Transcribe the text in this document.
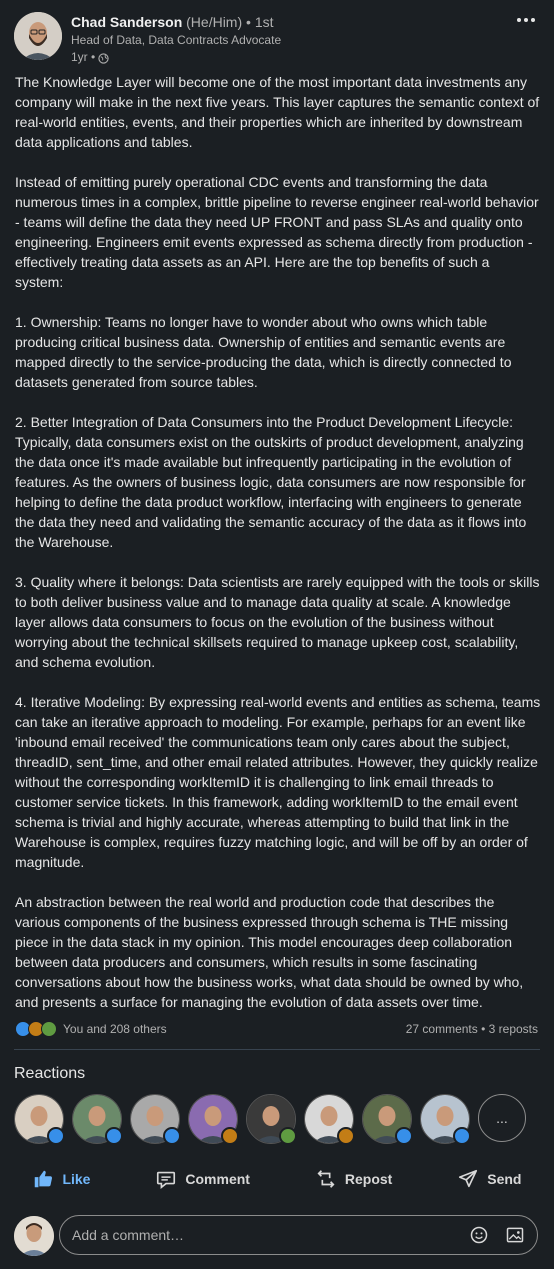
Chad Sanderson (He/Him) • 1st
Head of Data, Data Contracts Advocate
1yr •

The Knowledge Layer will become one of the most important data investments any company will make in the next five years. This layer captures the semantic context of real-world entities, events, and their properties which are inherited by downstream data applications and tables.

Instead of emitting purely operational CDC events and transforming the data numerous times in a complex, brittle pipeline to reverse engineer real-world behavior - teams will define the data they need UP FRONT and pass SLAs and quality onto engineering. Engineers emit events expressed as schema directly from production - effectively treating data assets as an API. Here are the top benefits of such a system:

1. Ownership: Teams no longer have to wonder about who owns which table producing critical business data. Ownership of entities and semantic events are mapped directly to the service-producing the data, which is directly connected to datasets generated from source tables.

2. Better Integration of Data Consumers into the Product Development Lifecycle: Typically, data consumers exist on the outskirts of product development, analyzing the data once it's made available but infrequently participating in the evolution of features. As the owners of business logic, data consumers are now responsible for helping to define the data product workflow, interfacing with engineers to generate the data they need and validating the semantic accuracy of the data as it flows into the Warehouse.

3. Quality where it belongs: Data scientists are rarely equipped with the tools or skills to both deliver business value and to manage data quality at scale. A knowledge layer allows data consumers to focus on the evolution of the business without worrying about the technical skillsets required to manage upkeep cost, scalability, and schema evolution.

4. Iterative Modeling: By expressing real-world events and entities as schema, teams can take an iterative approach to modeling. For example, perhaps for an event like 'inbound email received' the communications team only cares about the subject, threadID, sent_time, and other email related attributes. However, they quickly realize without the corresponding workItemID it is challenging to link email threads to customer service tickets. In this framework, adding workItemID to the email event schema is trivial and highly accurate, whereas attempting to build that link in the Warehouse is complex, requires fuzzy matching logic, and will be off by an order of magnitude.

An abstraction between the real world and production code that describes the various components of the business expressed through schema is THE missing piece in the data stack in my opinion. This model encourages deep collaboration between data producers and consumers, which results in some fascinating conversations about how the business works, what data should be owned by who, and presents a surface for managing the evolution of data assets over time.

You and 208 others	27 comments • 3 reposts
Reactions
...
Like	Comment	Repost	Send
Add a comment…
